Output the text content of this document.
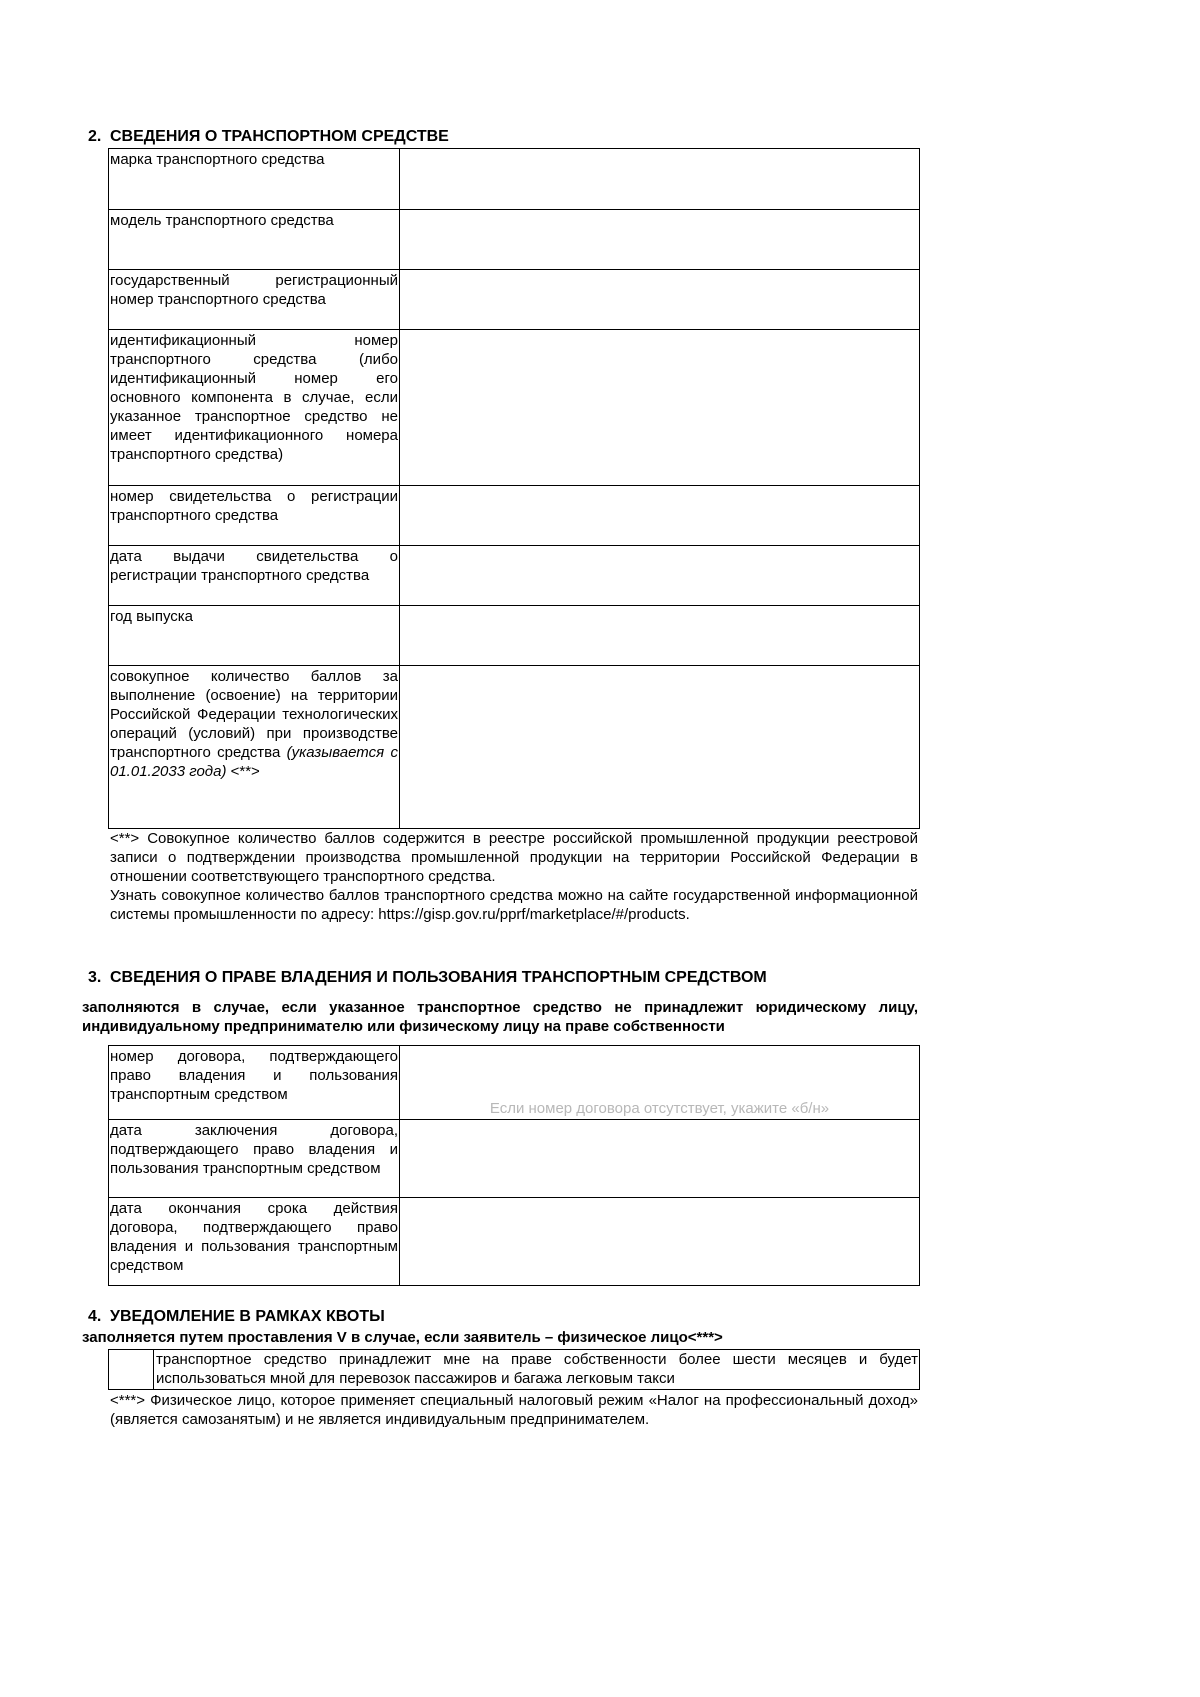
2. СВЕДЕНИЯ О ТРАНСПОРТНОМ СРЕДСТВЕ
марка транспортного средства	
модель транспортного средства	
государственный регистрационный номер транспортного средства	
идентификационный номер транспортного средства (либо идентификационный номер его основного компонента в случае, если указанное транспортное средство не имеет идентификационного номера транспортного средства)	
номер свидетельства о регистрации транспортного средства	
дата выдачи свидетельства о регистрации транспортного средства	
год выпуска	
совокупное количество баллов за выполнение (освоение) на территории Российской Федерации технологических операций (условий) при производстве транспортного средства (указывается с 01.01.2033 года) <**>	

<**> Совокупное количество баллов содержится в реестре российской промышленной продукции реестровой записи о подтверждении производства промышленной продукции на территории Российской Федерации в отношении соответствующего транспортного средства.

Узнать совокупное количество баллов транспортного средства можно на сайте государственной информационной системы промышленности по адресу: https://gisp.gov.ru/pprf/marketplace/#/products.

3. СВЕДЕНИЯ О ПРАВЕ ВЛАДЕНИЯ И ПОЛЬЗОВАНИЯ ТРАНСПОРТНЫМ СРЕДСТВОМ
заполняются в случае, если указанное транспортное средство не принадлежит юридическому лицу, индивидуальному предпринимателю или физическому лицу на праве собственности
номер договора, подтверждающего право владения и пользования транспортным средством	Если номер договора отсутствует, укажите «б/н»

дата заключения договора, подтверждающего право владения и пользования транспортным средством	
дата окончания срока действия договора, подтверждающего право владения и пользования транспортным средством	
4. УВЕДОМЛЕНИЕ В РАМКАХ КВОТЫ
заполняется путем проставления V в случае, если заявитель – физическое лицо<***>
	транспортное средство принадлежит мне на праве собственности более шести месяцев и будет использоваться мной для перевозок пассажиров и багажа легковым такси
<***> Физическое лицо, которое применяет специальный налоговый режим «Налог на профессиональный доход» (является самозанятым) и не является индивидуальным предпринимателем.
